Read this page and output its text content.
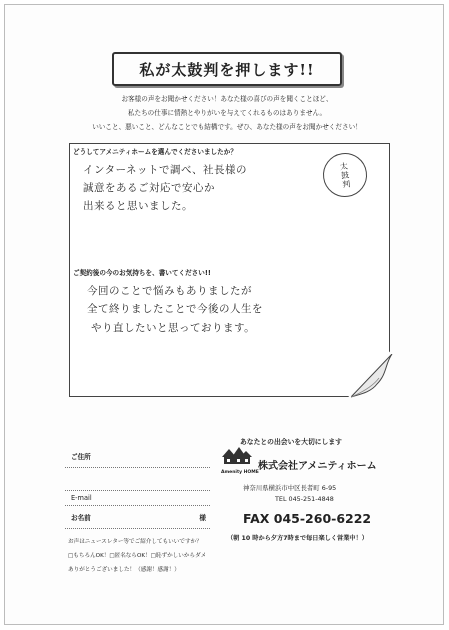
私が太鼓判を押します!!
お客様の声をお聞かせください！あなた様の喜びの声を聞くことほど、
私たちの仕事に情熱とやりがいを与えてくれるものはありません。
いいこと、悪いこと、どんなことでも結構です。ぜひ、あなた様の声をお聞かせください！
どうしてアメニティホームを選んでくださいましたか？
インターネットで調べ、社長様の
誠意をあるご対応で安心か
出来ると思いました。
太
鼓
判
ご契約後の今のお気持ちを、書いてください!!
今回のことで悩みもありましたが
全て終りましたことで今後の人生を
やり直したいと思っております。
ご住所
E-mail
お名前	様
お声はニュースレター等でご紹介してもいいですか？
□もちろんOK！□匿名ならOK！□恥ずかしいからダメ
ありがとうございました！（感謝！感謝！）
あなたとの出会いを大切にします
Amenity HOME
株式会社アメニティホーム
神奈川県横浜市中区長者町 6-95
TEL 045-251-4848
FAX 045-260-6222
（朝 10 時から夕方7時まで毎日楽しく営業中！）
